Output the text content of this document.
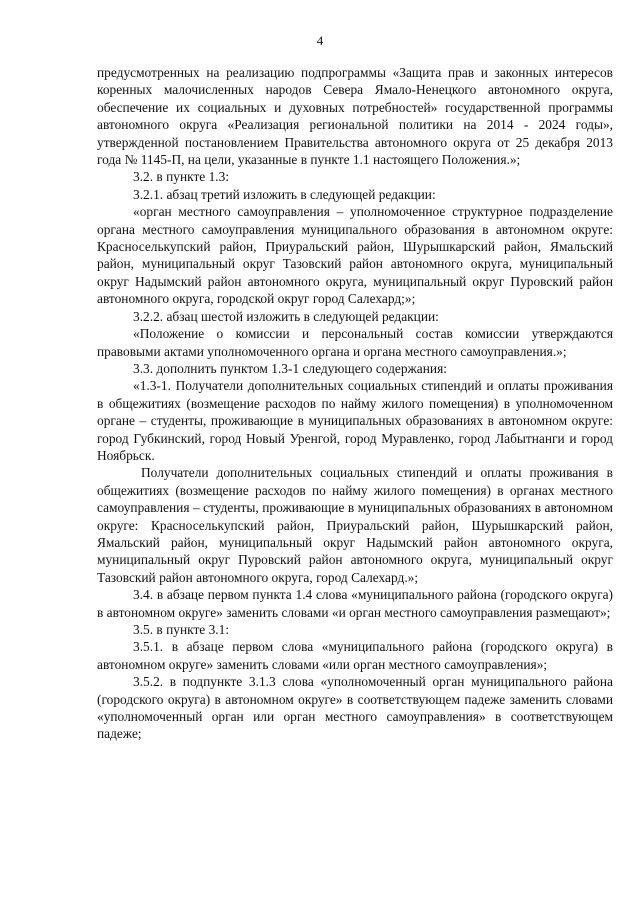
4

предусмотренных на реализацию подпрограммы «Защита прав и законных интересов коренных малочисленных народов Севера Ямало-Ненецкого автономного округа, обеспечение их социальных и духовных потребностей» государственной программы автономного округа «Реализация региональной политики на 2014 - 2024 годы», утвержденной постановлением Правительства автономного округа от 25 декабря 2013 года № 1145-П, на цели, указанные в пункте 1.1 настоящего Положения.»;

3.2. в пункте 1.3:

3.2.1. абзац третий изложить в следующей редакции:

«орган местного самоуправления – уполномоченное структурное подразделение органа местного самоуправления муниципального образования в автономном округе: Красноселькупский район, Приуральский район, Шурышкарский район, Ямальский район, муниципальный округ Тазовский район автономного округа, муниципальный округ Надымский район автономного округа, муниципальный округ Пуровский район автономного округа, городской округ город Салехард;»;

3.2.2. абзац шестой изложить в следующей редакции:

«Положение о комиссии и персональный состав комиссии утверждаются правовыми актами уполномоченного органа и органа местного самоуправления.»;

3.3. дополнить пунктом 1.3-1 следующего содержания:

«1.3-1. Получатели дополнительных социальных стипендий и оплаты проживания в общежитиях (возмещение расходов по найму жилого помещения) в уполномоченном органе – студенты, проживающие в муниципальных образованиях в автономном округе: город Губкинский, город Новый Уренгой, город Муравленко, город Лабытнанги и город Ноябрьск.

Получатели дополнительных социальных стипендий и оплаты проживания в общежитиях (возмещение расходов по найму жилого помещения) в органах местного самоуправления – студенты, проживающие в муниципальных образованиях в автономном округе: Красноселькупский район, Приуральский район, Шурышкарский район, Ямальский район, муниципальный округ Надымский район автономного округа, муниципальный округ Пуровский район автономного округа, муниципальный округ Тазовский район автономного округа, город Салехард.»;

3.4. в абзаце первом пункта 1.4 слова «муниципального района (городского округа) в автономном округе» заменить словами «и орган местного самоуправления размещают»;

3.5. в пункте 3.1:

3.5.1. в абзаце первом слова «муниципального района (городского округа) в автономном округе» заменить словами «или орган местного самоуправления»;

3.5.2. в подпункте 3.1.3 слова «уполномоченный орган муниципального района (городского округа) в автономном округе» в соответствующем падеже заменить словами «уполномоченный орган или орган местного самоуправления» в соответствующем падеже;
